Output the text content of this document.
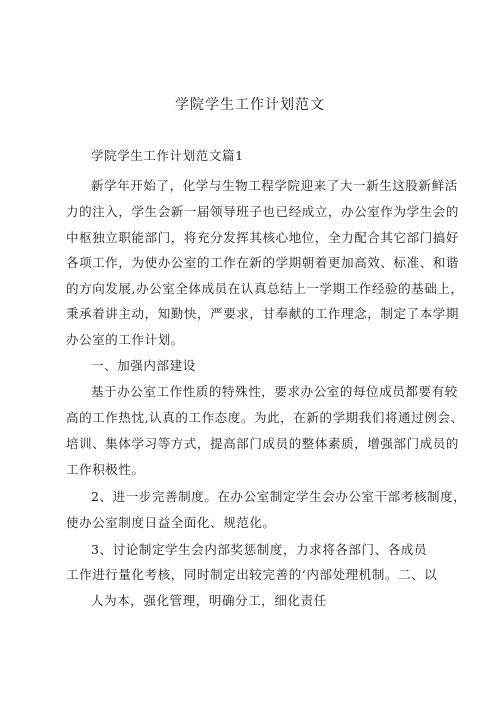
学院学生工作计划范文
学院学生工作计划范文篇1
新学年开始了，化学与生物工程学院迎来了大一新生这股新鲜活
力的注入，学生会新一届领导班子也已经成立，办公室作为学生会的
中枢独立职能部门，将充分发挥其核心地位，全力配合其它部门搞好
各项工作，为使办公室的工作在新的学期朝着更加高效、标准、和谐
的方向发展,办公室全体成员在认真总结上一学期工作经验的基础上，
秉承着讲主动，知勤快，严要求，甘奉献的工作理念，制定了本学期
办公室的工作计划。
一、加强内部建设
基于办公室工作性质的特殊性，要求办公室的每位成员都要有较
高的工作热忱,认真的工作态度。为此，在新的学期我们将通过例会、
培训、集体学习等方式，提高部门成员的整体素质，增强部门成员的
工作积极性。
2、进一步完善制度。在办公室制定学生会办公室干部考核制度，
使办公室制度日益全面化、规范化。
3、讨论制定学生会内部奖惩制度，力求将各部门、各成员
工作进行量化考核，同时制定出较完善的‘内部处理机制。二、以
人为本，强化管理，明确分工，细化责任
